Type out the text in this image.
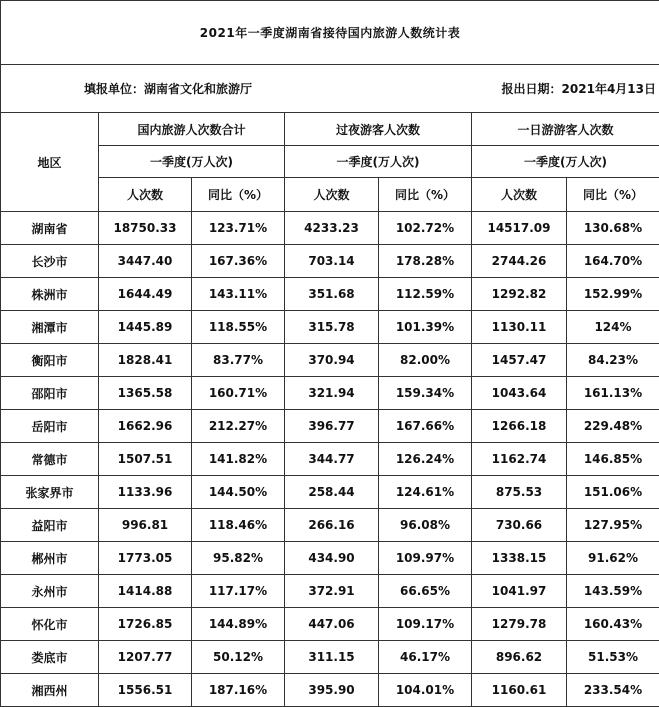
2021年一季度湖南省接待国内旅游人数统计表						
填报单位：湖南省文化和旅游厅				报出日期：2021年4月13日		
地区	国内旅游人次数合计		过夜游客人次数		一日游游客人次数	
	一季度(万人次)		一季度(万人次)		一季度(万人次)	
	人次数	同比（%）	人次数	同比（%）	人次数	同比（%）
湖南省	18750.33	123.71%	4233.23	102.72%	14517.09	130.68%
长沙市	3447.40	167.36%	703.14	178.28%	2744.26	164.70%
株洲市	1644.49	143.11%	351.68	112.59%	1292.82	152.99%
湘潭市	1445.89	118.55%	315.78	101.39%	1130.11	124%
衡阳市	1828.41	83.77%	370.94	82.00%	1457.47	84.23%
邵阳市	1365.58	160.71%	321.94	159.34%	1043.64	161.13%
岳阳市	1662.96	212.27%	396.77	167.66%	1266.18	229.48%
常德市	1507.51	141.82%	344.77	126.24%	1162.74	146.85%
张家界市	1133.96	144.50%	258.44	124.61%	875.53	151.06%
益阳市	996.81	118.46%	266.16	96.08%	730.66	127.95%
郴州市	1773.05	95.82%	434.90	109.97%	1338.15	91.62%
永州市	1414.88	117.17%	372.91	66.65%	1041.97	143.59%
怀化市	1726.85	144.89%	447.06	109.17%	1279.78	160.43%
娄底市	1207.77	50.12%	311.15	46.17%	896.62	51.53%
湘西州	1556.51	187.16%	395.90	104.01%	1160.61	233.54%
